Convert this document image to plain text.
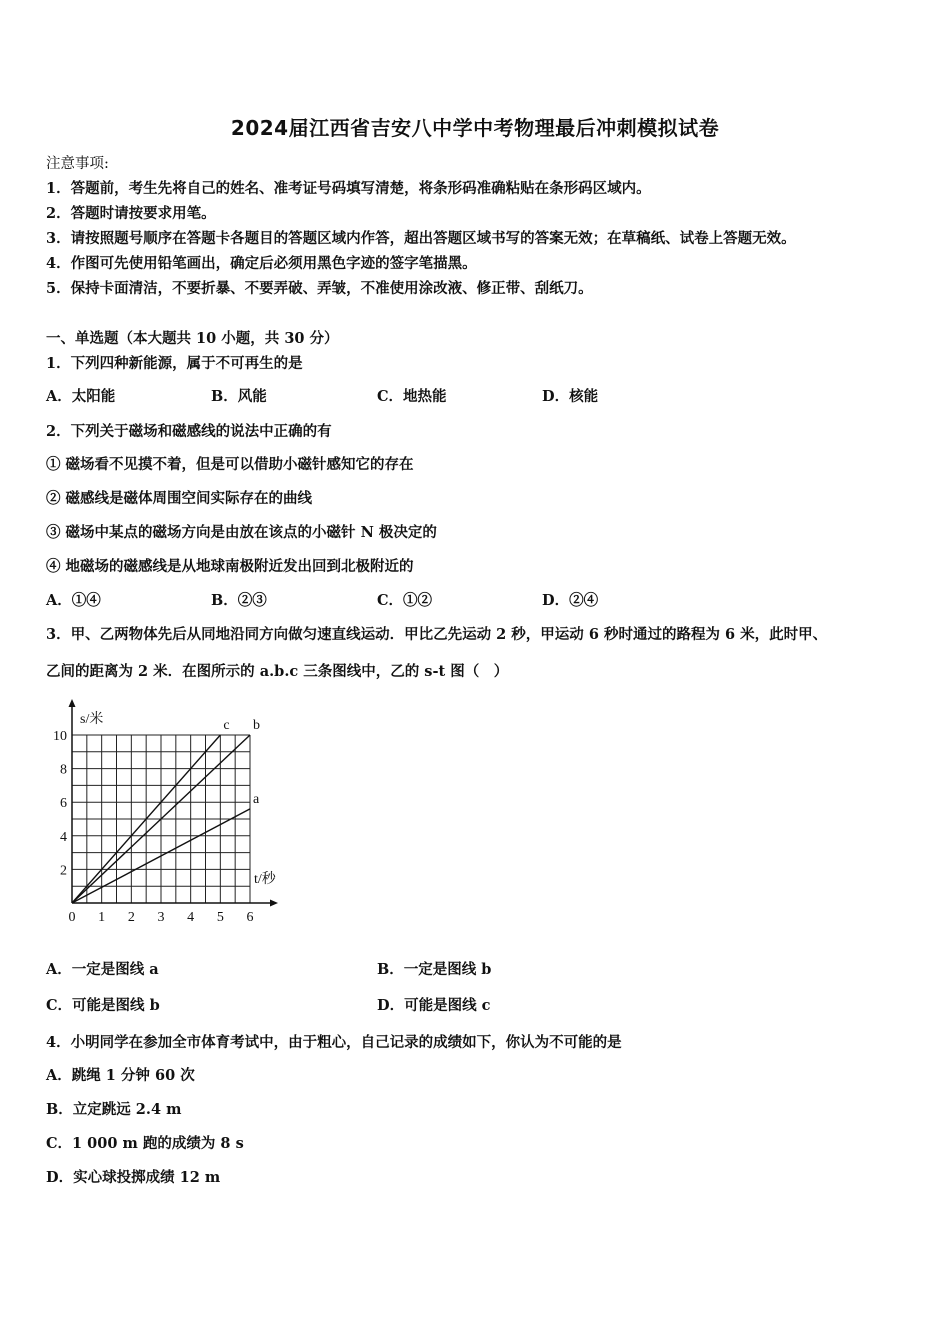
2024届江西省吉安八中学中考物理最后冲刺模拟试卷
注意事项:
1．答题前，考生先将自己的姓名、准考证号码填写清楚，将条形码准确粘贴在条形码区域内。
2．答题时请按要求用笔。
3．请按照题号顺序在答题卡各题目的答题区域内作答，超出答题区域书写的答案无效；在草稿纸、试卷上答题无效。
4．作图可先使用铅笔画出，确定后必须用黑色字迹的签字笔描黑。
5．保持卡面清洁，不要折暴、不要弄破、弄皱，不准使用涂改液、修正带、刮纸刀。
一、单选题（本大题共 10 小题，共 30 分）
1．下列四种新能源，属于不可再生的是
A．太阳能	B．风能	C．地热能	D．核能
2．下列关于磁场和磁感线的说法中正确的有
① 磁场看不见摸不着，但是可以借助小磁针感知它的存在
② 磁感线是磁体周围空间实际存在的曲线
③ 磁场中某点的磁场方向是由放在该点的小磁针 N 极决定的
④ 地磁场的磁感线是从地球南极附近发出回到北极附近的
A．①④	B．②③	C．①②	D．②④
3．甲、乙两物体先后从同地沿同方向做匀速直线运动．甲比乙先运动 2 秒，甲运动 6 秒时通过的路程为 6 米，此时甲、
乙间的距离为 2 米．在图所示的 a.b.c 三条图线中，乙的 s-t 图（　）
0 1 2 3 4 5 6
2
4
6
8
10
s/米
t/秒
a
b
c
A．一定是图线 a	B．一定是图线 b
C．可能是图线 b	D．可能是图线 c
4．小明同学在参加全市体育考试中，由于粗心，自己记录的成绩如下，你认为不可能的是
A．跳绳 1 分钟 60 次
B．立定跳远 2.4 m
C．1 000 m 跑的成绩为 8 s
D．实心球投掷成绩 12 m
